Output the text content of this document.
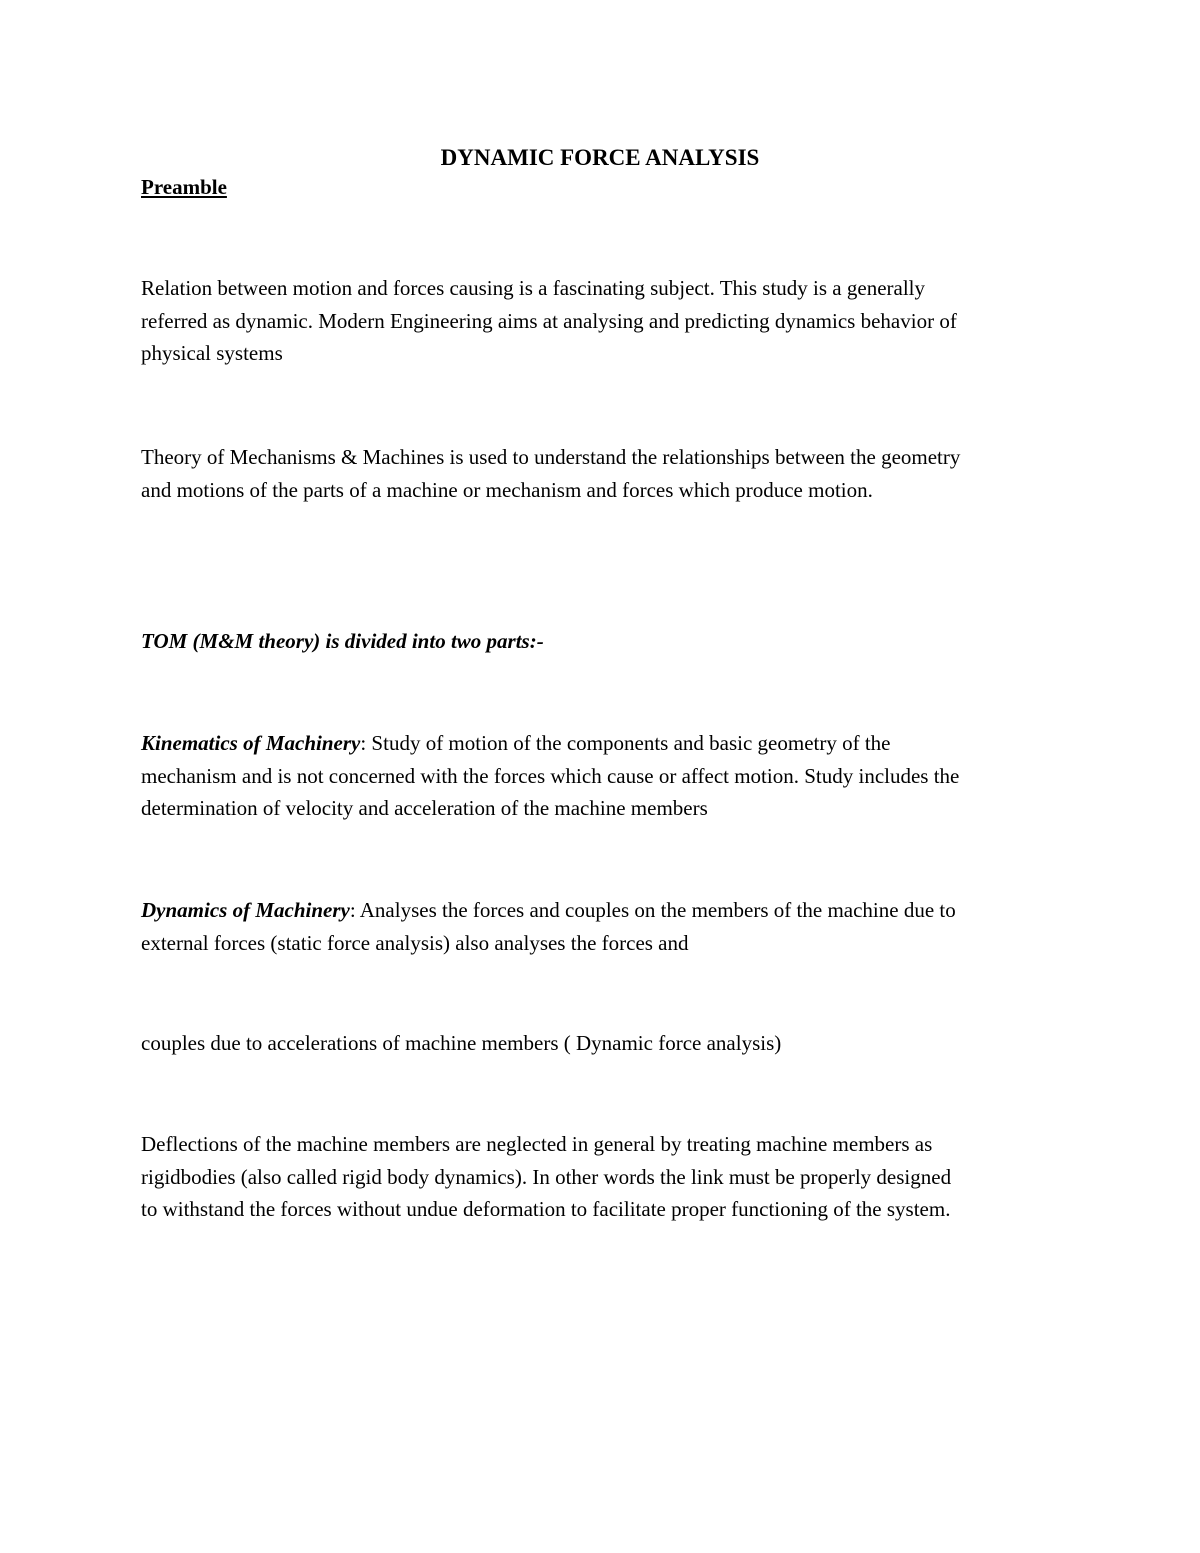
DYNAMIC FORCE ANALYSIS
Preamble

Relation between motion and forces causing is a fascinating subject. This study is a generally
referred as dynamic. Modern Engineering aims at analysing and predicting dynamics behavior of
physical systems

Theory of Mechanisms & Machines is used to understand the relationships between the geometry
and motions of the parts of a machine or mechanism and forces which produce motion.

TOM (M&M theory) is divided into two parts:-

Kinematics of Machinery: Study of motion of the components and basic geometry of the
mechanism and is not concerned with the forces which cause or affect motion. Study includes the
determination of velocity and acceleration of the machine members

Dynamics of Machinery: Analyses the forces and couples on the members of the machine due to
external forces (static force analysis) also analyses the forces and

couples due to accelerations of machine members ( Dynamic force analysis)

Deflections of the machine members are neglected in general by treating machine members as
rigidbodies (also called rigid body dynamics). In other words the link must be properly designed
to withstand the forces without undue deformation to facilitate proper functioning of the system.
